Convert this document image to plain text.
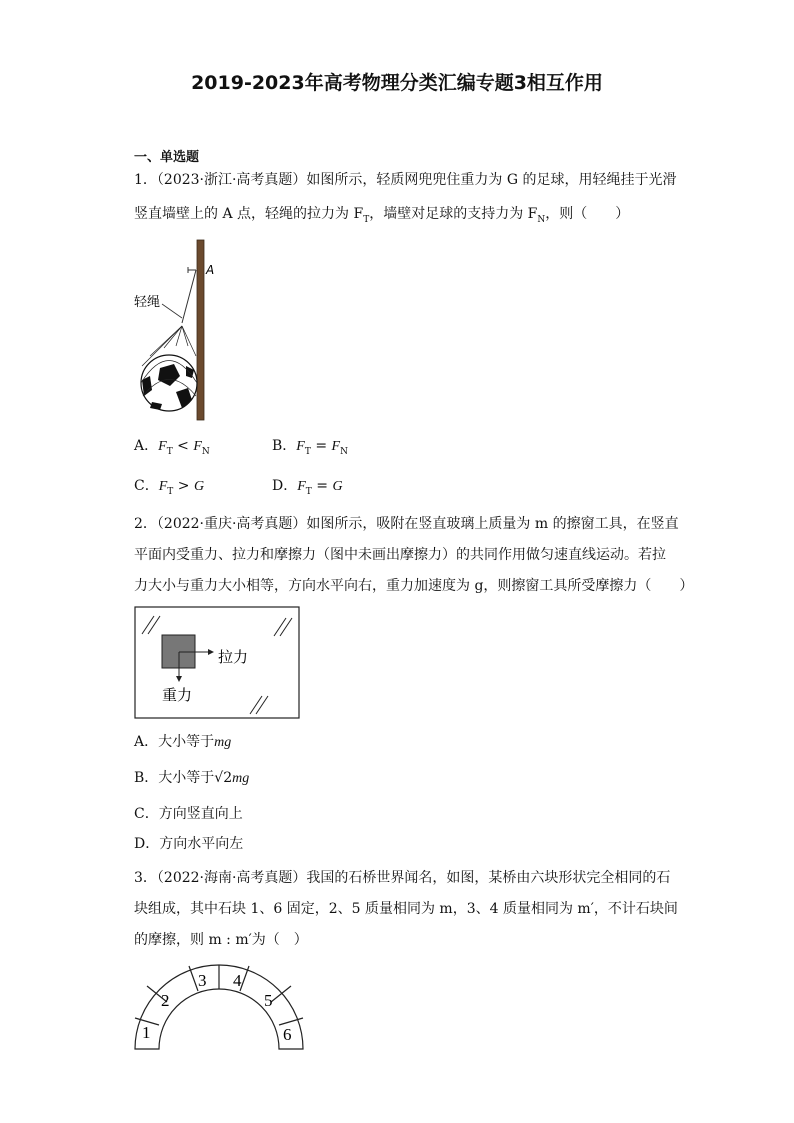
2019-2023年高考物理分类汇编专题3相互作用
一、单选题
1．（2023·浙江·高考真题）如图所示，轻质网兜兜住重力为 G 的足球，用轻绳挂于光滑
竖直墙壁上的 A 点，轻绳的拉力为 $F_T$，墙壁对足球的支持力为 $F_N$，则（　　）
A
轻绳
A．$F_T < F_N$	B．$F_T = F_N$
C．$F_T > G$	D．$F_T = G$
2．（2022·重庆·高考真题）如图所示，吸附在竖直玻璃上质量为 m 的擦窗工具，在竖直
平面内受重力、拉力和摩擦力（图中未画出摩擦力）的共同作用做匀速直线运动。若拉
力大小与重力大小相等，方向水平向右，重力加速度为 g，则擦窗工具所受摩擦力（　　）
拉力
重力
A．大小等于mg
B．大小等于√2mg
C．方向竖直向上
D．方向水平向左
3．（2022·海南·高考真题）我国的石桥世界闻名，如图，某桥由六块形状完全相同的石
块组成，其中石块 1、6 固定，2、5 质量相同为 m，3、4 质量相同为 m′，不计石块间
的摩擦，则 m : m′为（　）
1
2
3 4
5
6
